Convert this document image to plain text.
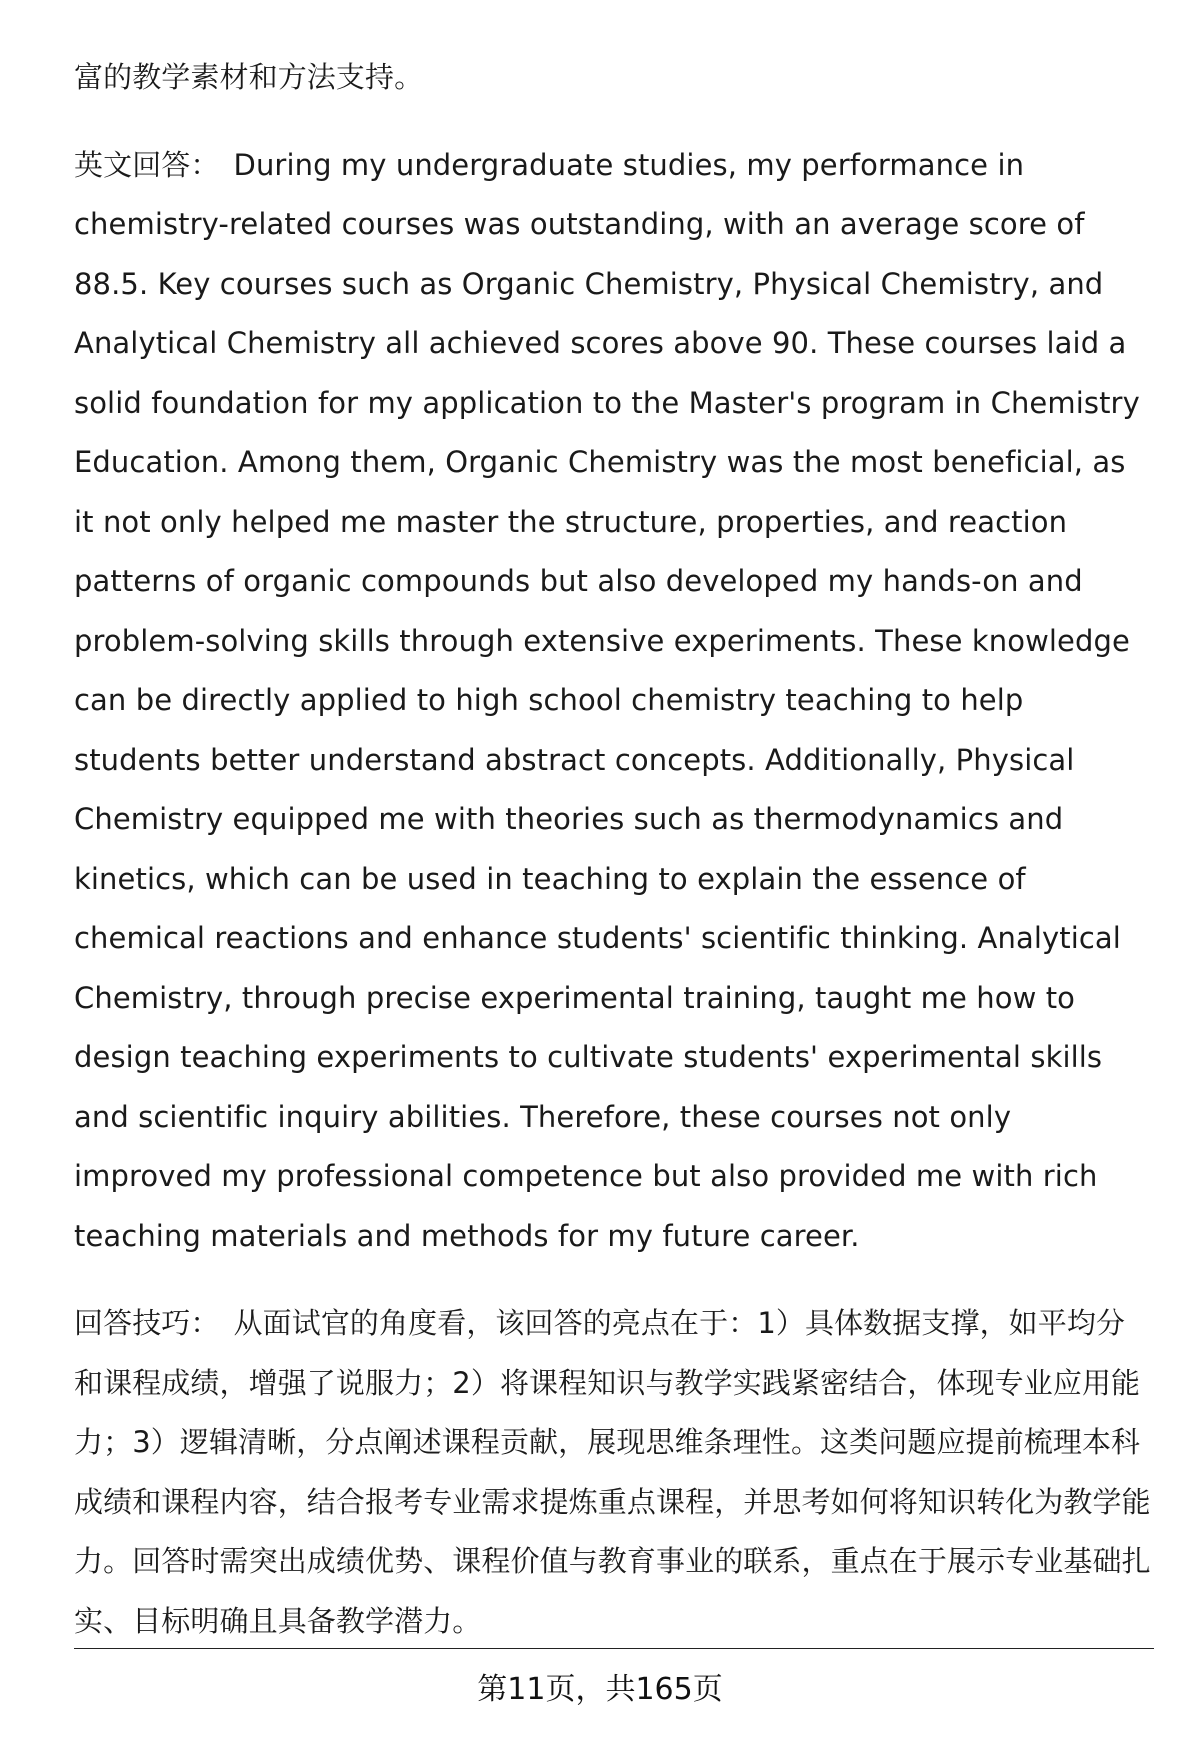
富的教学素材和方法支持。

英文回答： During my undergraduate studies, my performance in chemistry-related courses was outstanding, with an average score of 88.5. Key courses such as Organic Chemistry, Physical Chemistry, and Analytical Chemistry all achieved scores above 90. These courses laid a solid foundation for my application to the Master's program in Chemistry Education. Among them, Organic Chemistry was the most beneficial, as it not only helped me master the structure, properties, and reaction patterns of organic compounds but also developed my hands-on and problem-solving skills through extensive experiments. These knowledge can be directly applied to high school chemistry teaching to help students better understand abstract concepts. Additionally, Physical Chemistry equipped me with theories such as thermodynamics and kinetics, which can be used in teaching to explain the essence of chemical reactions and enhance students' scientific thinking. Analytical Chemistry, through precise experimental training, taught me how to design teaching experiments to cultivate students' experimental skills and scientific inquiry abilities. Therefore, these courses not only improved my professional competence but also provided me with rich teaching materials and methods for my future career.

回答技巧： 从面试官的角度看，该回答的亮点在于：1）具体数据支撑，如平均分和课程成绩，增强了说服力；2）将课程知识与教学实践紧密结合，体现专业应用能力；3）逻辑清晰，分点阐述课程贡献，展现思维条理性。这类问题应提前梳理本科成绩和课程内容，结合报考专业需求提炼重点课程，并思考如何将知识转化为教学能力。回答时需突出成绩优势、课程价值与教育事业的联系，重点在于展示专业基础扎实、目标明确且具备教学潜力。

第11页，共165页
